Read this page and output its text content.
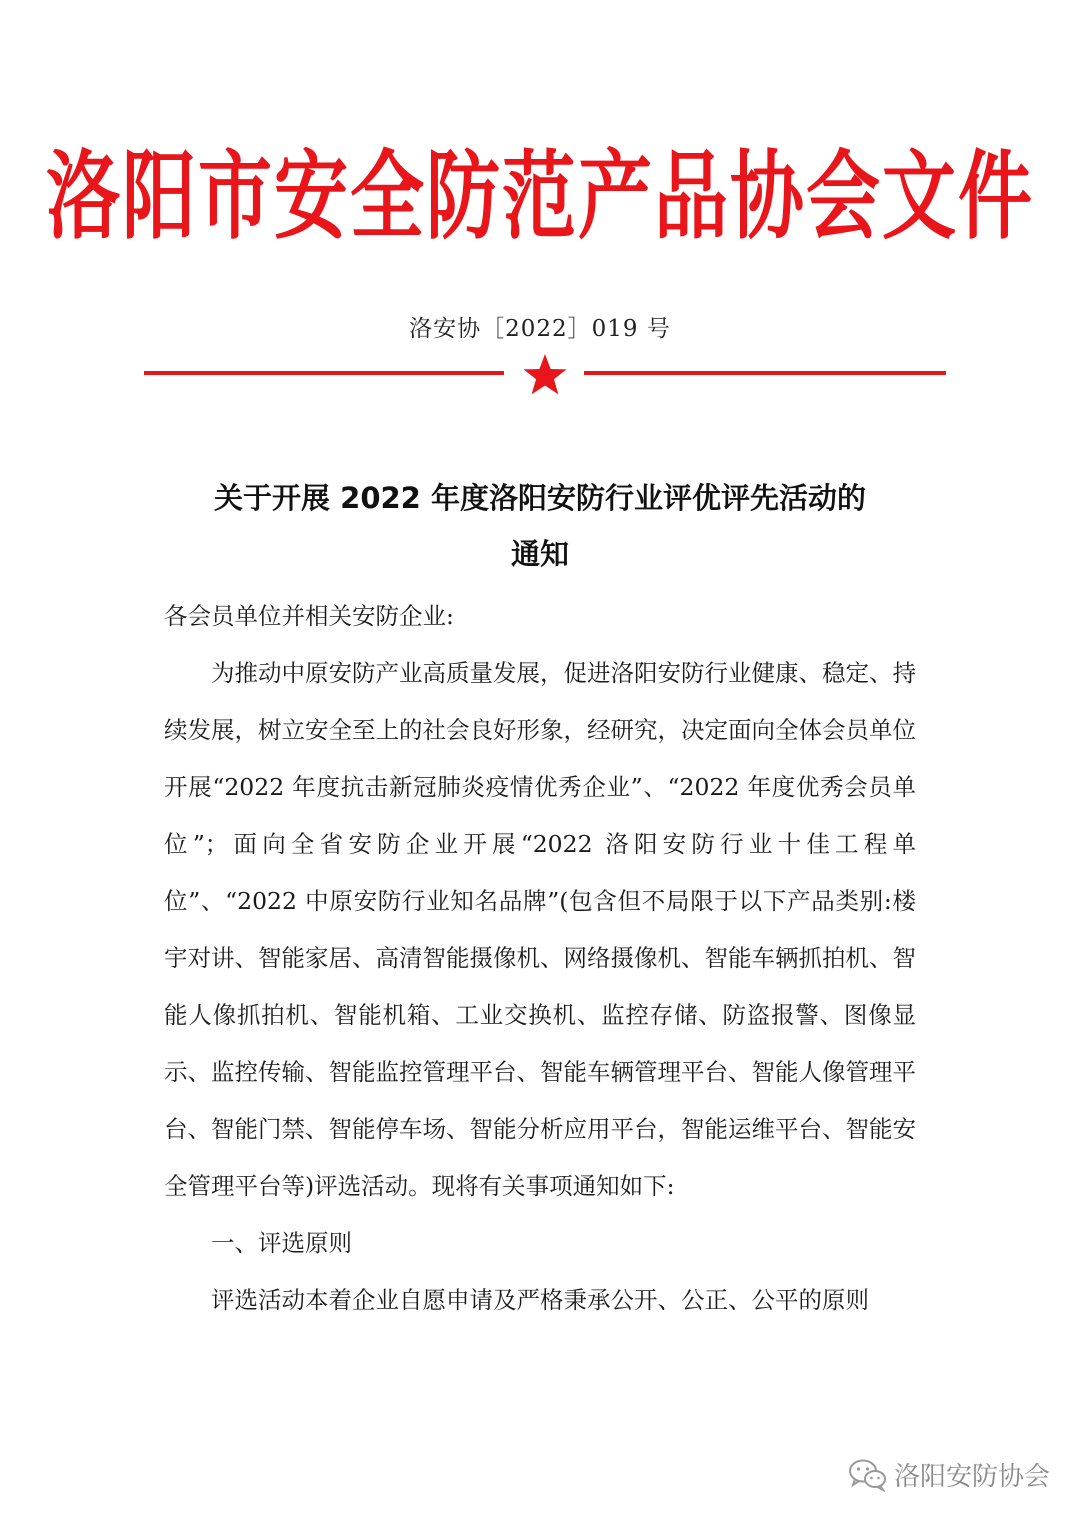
洛阳市安全防范产品协会文件
洛安协［2022］019 号
关于开展 2022 年度洛阳安防行业评优评先活动的
通知

各会员单位并相关安防企业:

为推动中原安防产业高质量发展，促进洛阳安防行业健康、稳定、持续发展，树立安全至上的社会良好形象，经研究，决定面向全体会员单位开展“2022 年度抗击新冠肺炎疫情优秀企业”、“2022 年度优秀会员单位”；面向全省安防企业开展“2022 洛阳安防行业十佳工程单位”、“2022 中原安防行业知名品牌”(包含但不局限于以下产品类别:楼宇对讲、智能家居、高清智能摄像机、网络摄像机、智能车辆抓拍机、智能人像抓拍机、智能机箱、工业交换机、监控存储、防盗报警、图像显示、监控传输、智能监控管理平台、智能车辆管理平台、智能人像管理平台、智能门禁、智能停车场、智能分析应用平台，智能运维平台、智能安全管理平台等)评选活动。现将有关事项通知如下:

一、评选原则

评选活动本着企业自愿申请及严格秉承公开、公正、公平的原则

洛阳安防协会
